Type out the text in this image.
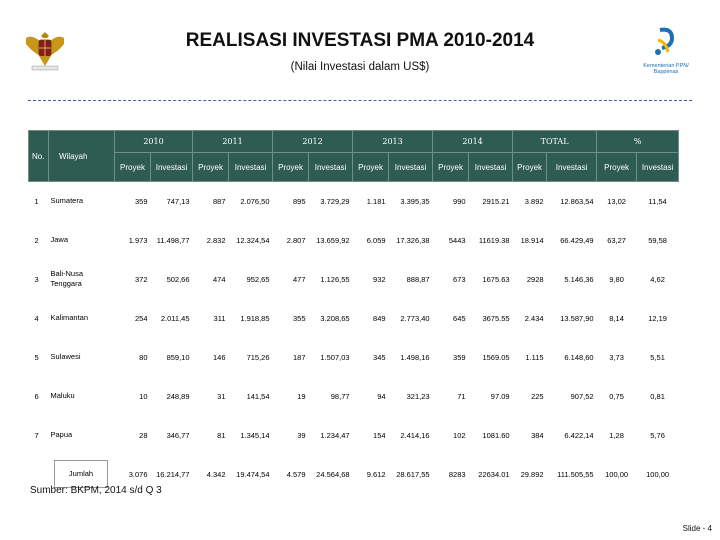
Kementerian PPN/ Bappenas
REALISASI INVESTASI PMA 2010-2014
(Nilai Investasi dalam US$)
No.	Wilayah	2010		2011		2012		2013		2014		TOTAL		%	
		Proyek	Investasi	Proyek	Investasi	Proyek	Investasi	Proyek	Investasi	Proyek	Investasi	Proyek	Investasi	Proyek	Investasi
1	Sumatera	359	747,13	887	2.076,50	895	3.729,29	1.181	3.395,35	990	2915.21	3.892	12.863,54	13,02	11,54
2	Jawa	1.973	11.498,77	2.832	12.324,54	2.807	13.659,92	6.059	17.326,38	5443	11619.38	18.914	66.429,49	63,27	59,58
3	Bali-Nusa Tenggara	372	502,66	474	952,65	477	1.126,55	932	888,87	673	1675.63	2928	5.146,36	9,80	4,62
4	Kalimantan	254	2.011,45	311	1.918,85	355	3.208,65	849	2.773,40	645	3675.55	2.434	13.587,90	8,14	12,19
5	Sulawesi	80	859,10	146	715,26	187	1.507,03	345	1.498,16	359	1569.05	1.115	6.148,60	3,73	5,51
6	Maluku	10	248,89	31	141,54	19	98,77	94	321,23	71	97.09	225	907,52	0,75	0,81
7	Papua	28	346,77	81	1.345,14	39	1.234,47	154	2.414,16	102	1081.60	384	6.422,14	1,28	5,76
	Jumlah	3.076	16.214,77	4.342	19.474,54	4.579	24.564,68	9.612	28.617,55	8283	22634.01	29.892	111.505,55	100,00	100,00
Sumber: BKPM, 2014 s/d Q 3
Slide - 4
